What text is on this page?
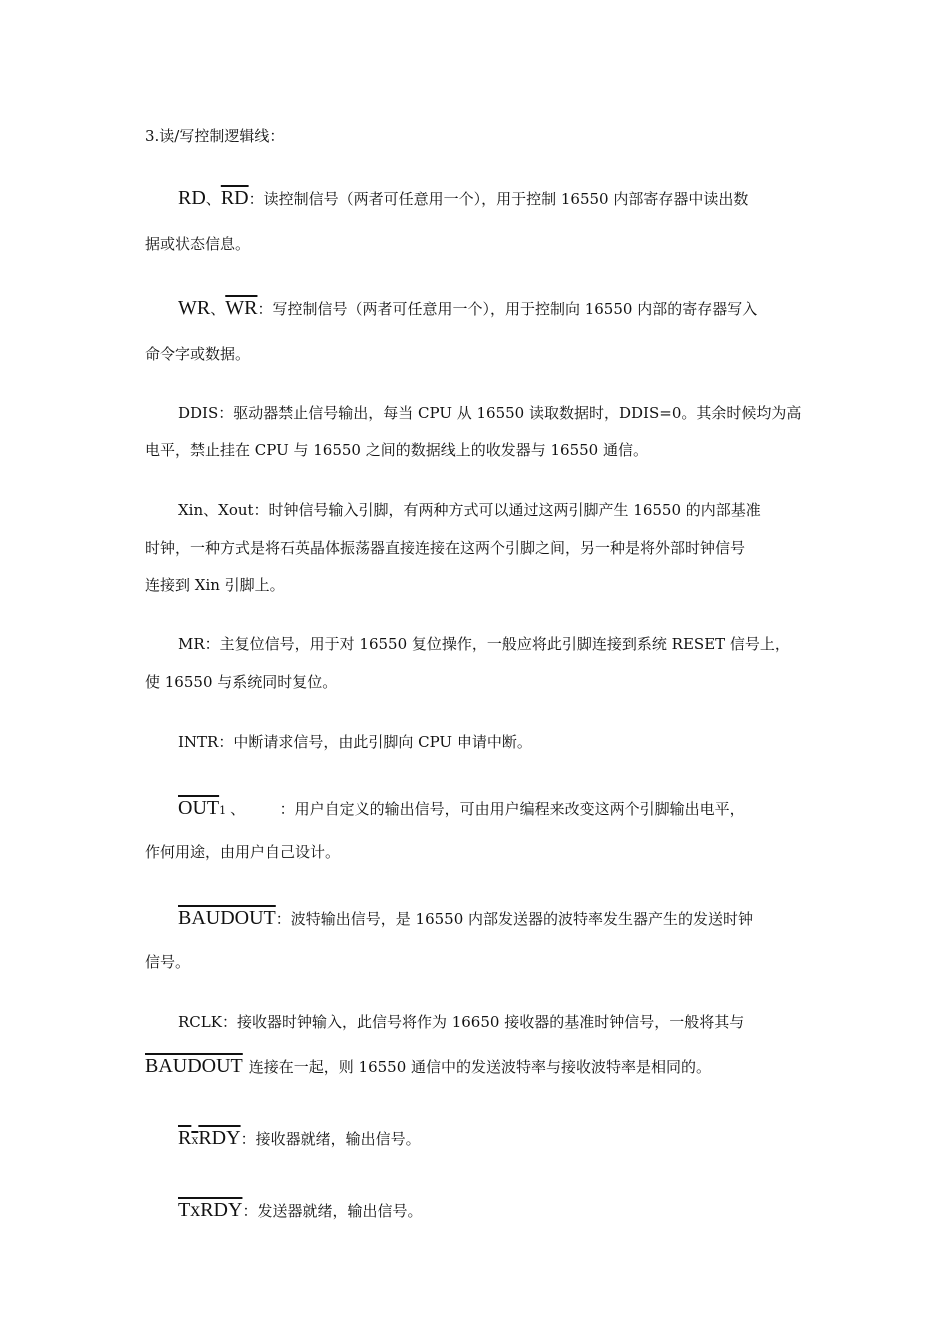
3.读/写控制逻辑线：
RD、$\overline{RD}$：读控制信号（两者可任意用一个），用于控制 16550 内部寄存器中读出数
据或状态信息。
WR、$\overline{WR}$：写控制信号（两者可任意用一个），用于控制向 16550 内部的寄存器写入
命令字或数据。
DDIS：驱动器禁止信号输出，每当 CPU 从 16550 读取数据时，DDIS=0。其余时候均为高
电平，禁止挂在 CPU 与 16550 之间的数据线上的收发器与 16550 通信。
Xin、Xout：时钟信号输入引脚，有两种方式可以通过这两引脚产生 16550 的内部基准
时钟，一种方式是将石英晶体振荡器直接连接在这两个引脚之间，另一种是将外部时钟信号
连接到 Xin 引脚上。
MR：主复位信号，用于对 16550 复位操作，一般应将此引脚连接到系统 RESET 信号上，
使 16550 与系统同时复位。
INTR：中断请求信号，由此引脚向 CPU 申请中断。
$\overline{OUT}1$ 、	：用户自定义的输出信号，可由用户编程来改变这两个引脚输出电平，
作何用途，由用户自己设计。
BAUDOUT：波特输出信号，是 16550 内部发送器的波特率发生器产生的发送时钟
信号。
RCLK：接收器时钟输入，此信号将作为 16650 接收器的基准时钟信号，一般将其与
BAUDOUT 连接在一起，则 16550 通信中的发送波特率与接收波特率是相同的。
RxRDY：接收器就绪，输出信号。
TxRDY：发送器就绪，输出信号。
